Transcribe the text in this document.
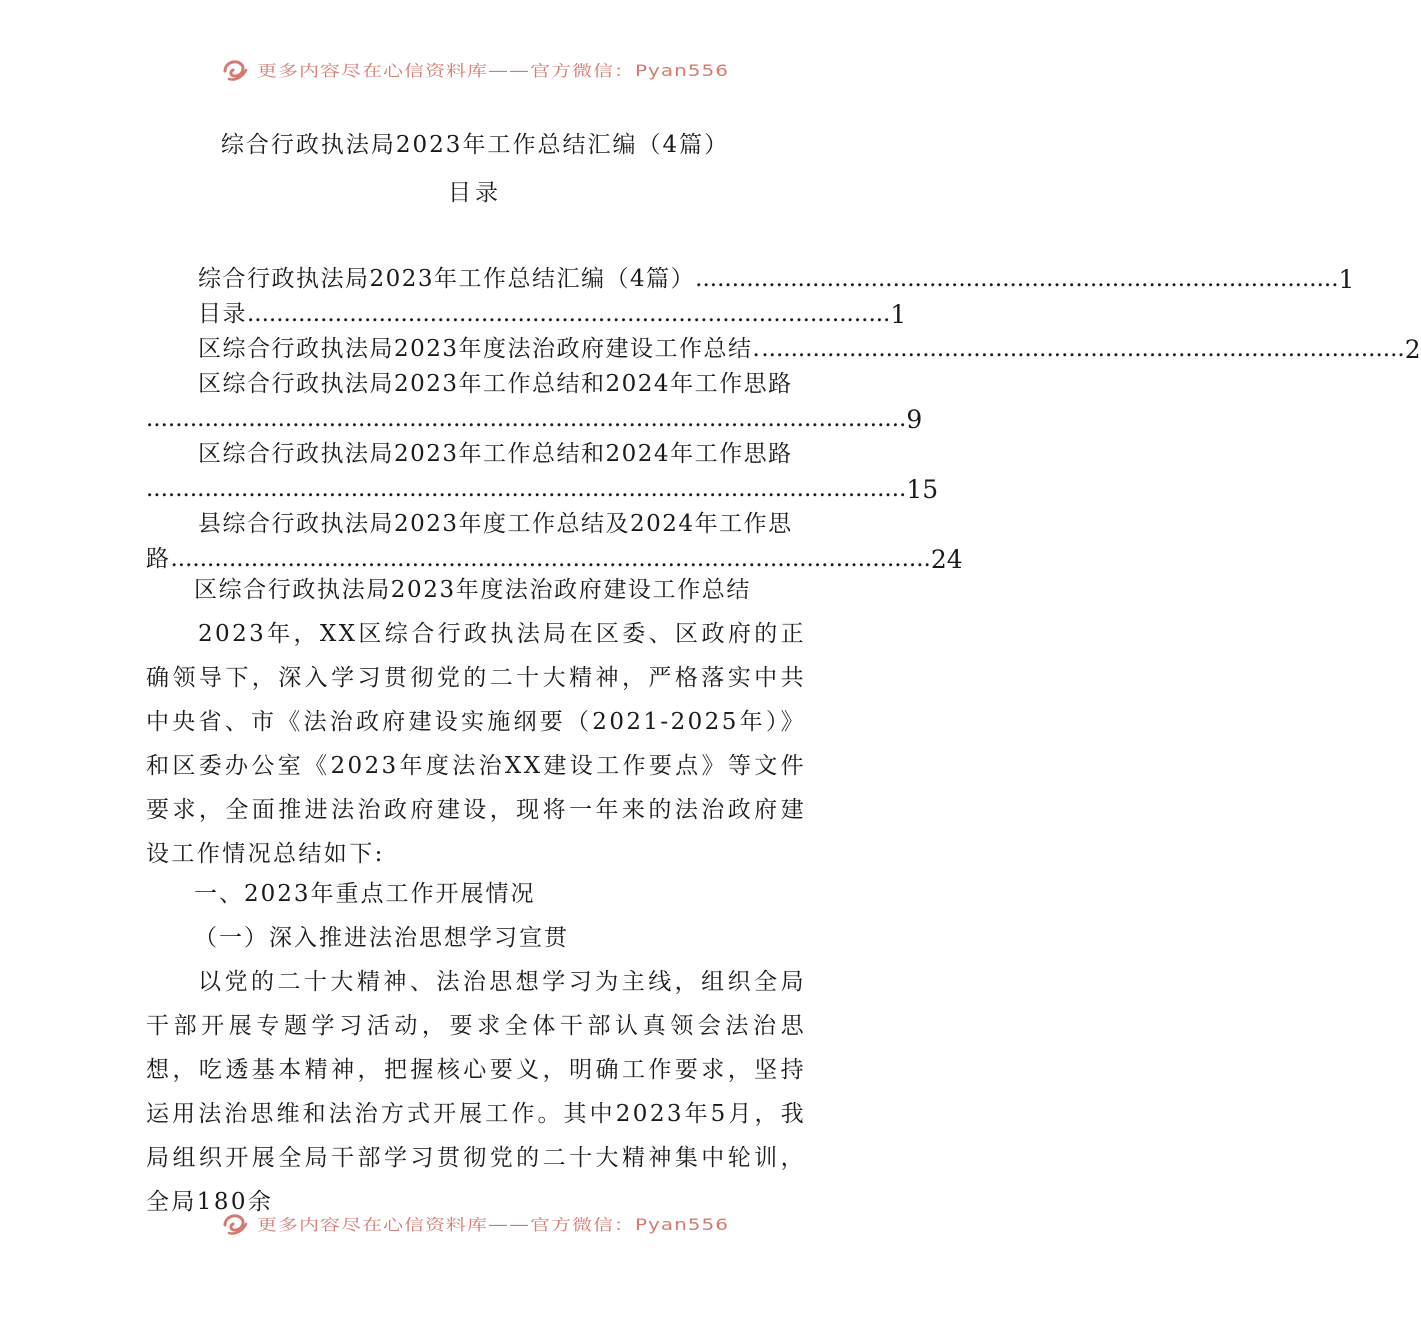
更多内容尽在心信资料库——官方微信：Pyan556
综合行政执法局2023年工作总结汇编（4篇）
目录
综合行政执法局2023年工作总结汇编（4篇） ........................................................................................ 1
目录 ........................................................................................ 1
区综合行政执法局2023年度法治政府建设工作总结. ........................................................................................ 2
区综合行政执法局2023年工作总结和2024年工作思路
........................................................................................................ 9
区综合行政执法局2023年工作总结和2024年工作思路
........................................................................................................ 15
县综合行政执法局2023年度工作总结及2024年工作思
路 ........................................................................................................ 24
区综合行政执法局2023年度法治政府建设工作总结

2023年，XX区综合行政执法局在区委、区政府的正确领导下，深入学习贯彻党的二十大精神，严格落实中共中央省、市《法治政府建设实施纲要（2021-2025年）》和区委办公室《2023年度法治XX建设工作要点》等文件要求，全面推进法治政府建设，现将一年来的法治政府建设工作情况总结如下:

一、2023年重点工作开展情况
（一）深入推进法治思想学习宣贯

以党的二十大精神、法治思想学习为主线，组织全局干部开展专题学习活动，要求全体干部认真领会法治思想，吃透基本精神，把握核心要义，明确工作要求，坚持运用法治思维和法治方式开展工作。其中2023年5月，我局组织开展全局干部学习贯彻党的二十大精神集中轮训，全局180余

更多内容尽在心信资料库——官方微信：Pyan556
